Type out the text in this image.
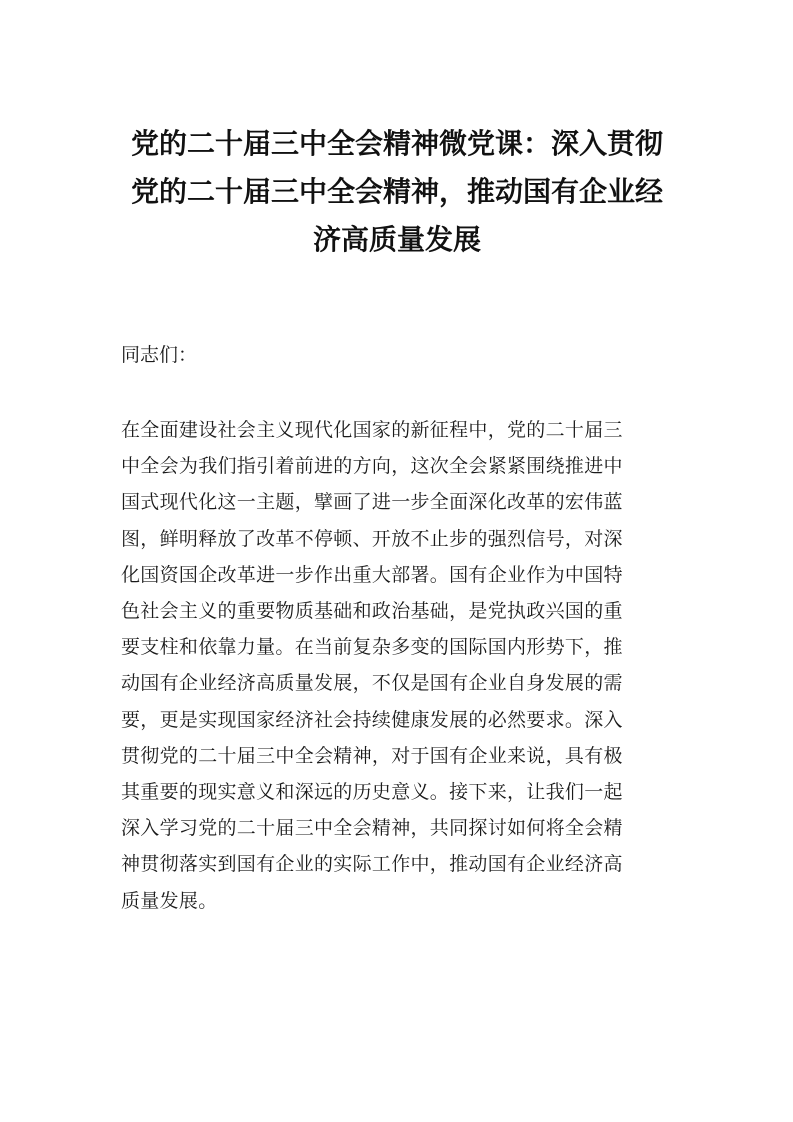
党的二十届三中全会精神微党课：深入贯彻
党的二十届三中全会精神，推动国有企业经
济高质量发展

同志们：

在全面建设社会主义现代化国家的新征程中，党的二十届三
中全会为我们指引着前进的方向，这次全会紧紧围绕推进中
国式现代化这一主题，擘画了进一步全面深化改革的宏伟蓝
图，鲜明释放了改革不停顿、开放不止步的强烈信号，对深
化国资国企改革进一步作出重大部署。国有企业作为中国特
色社会主义的重要物质基础和政治基础，是党执政兴国的重
要支柱和依靠力量。在当前复杂多变的国际国内形势下，推
动国有企业经济高质量发展，不仅是国有企业自身发展的需
要，更是实现国家经济社会持续健康发展的必然要求。深入
贯彻党的二十届三中全会精神，对于国有企业来说，具有极
其重要的现实意义和深远的历史意义。接下来，让我们一起
深入学习党的二十届三中全会精神，共同探讨如何将全会精
神贯彻落实到国有企业的实际工作中，推动国有企业经济高
质量发展。
